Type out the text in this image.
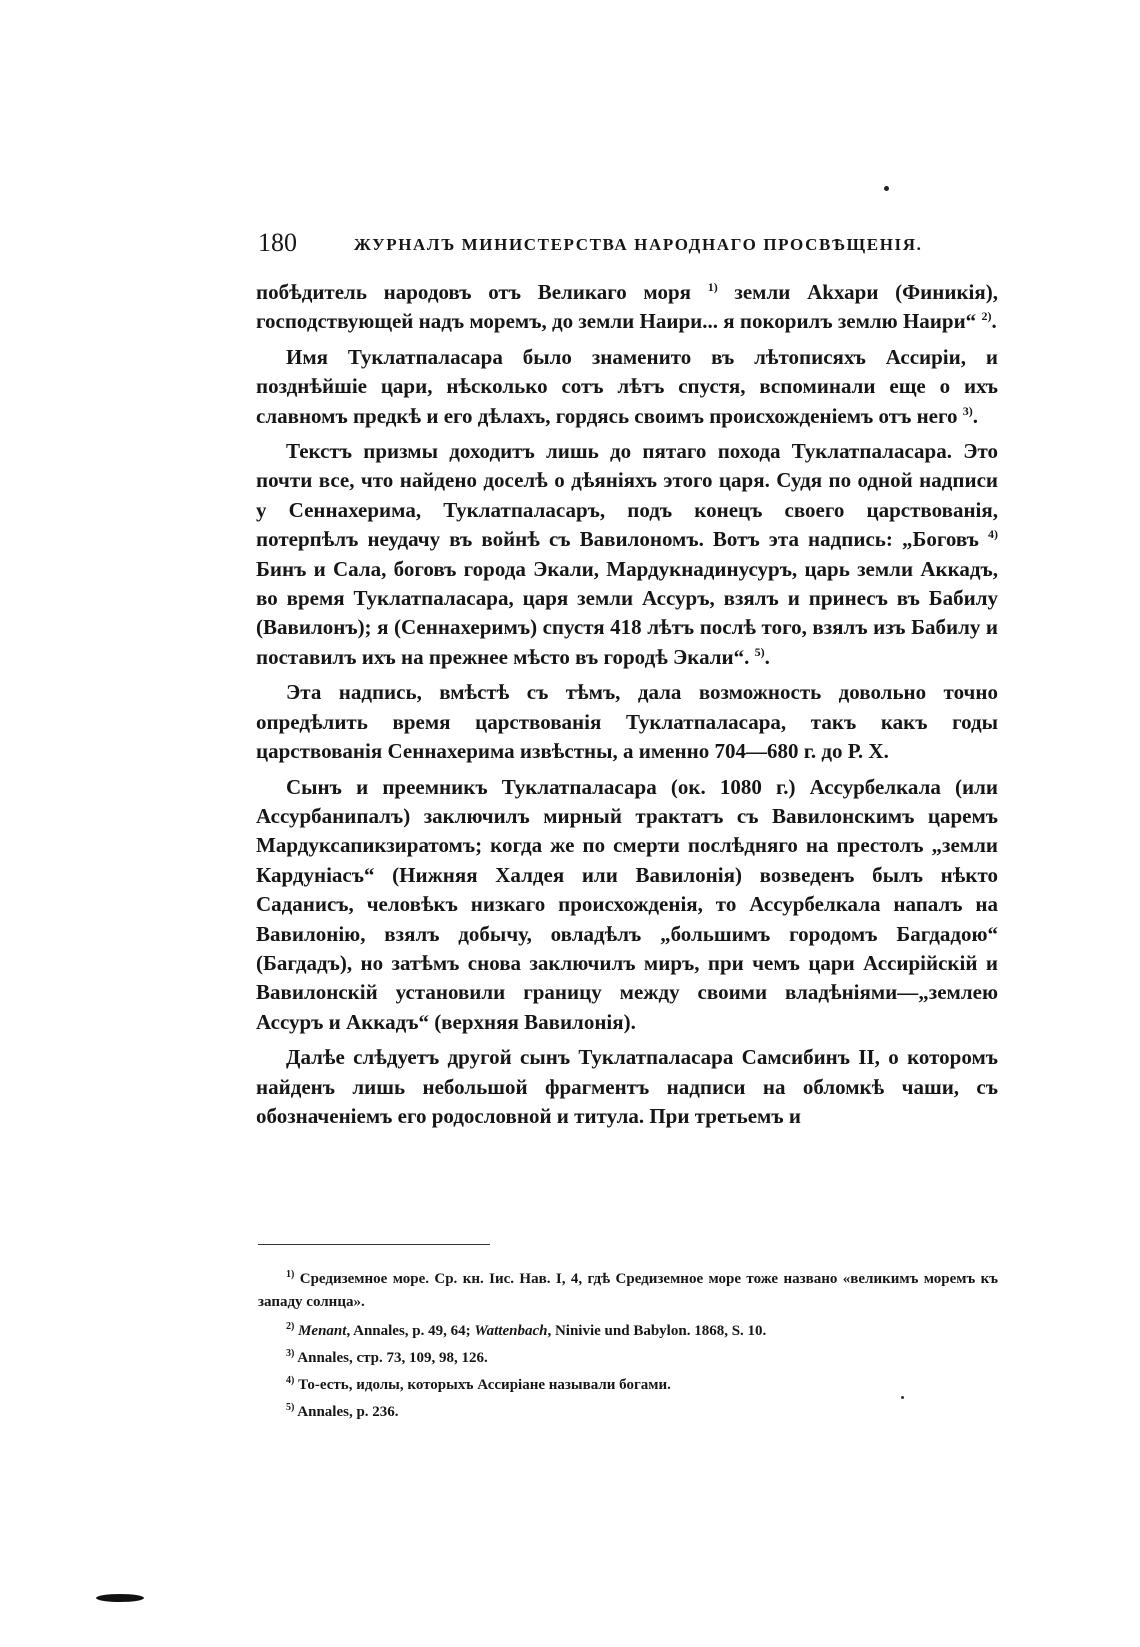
180	ЖУРНАЛЪ МИНИСТЕРСТВА НАРОДНАГО ПРОСВѢЩЕНІЯ.

побѣдитель народовъ отъ Великаго моря $^{1)}$ земли Akхари (Финикія), господствующей надъ моремъ, до земли Наири... я покорилъ землю Наири“ $^{2)}$.

Имя Туклатпаласара было знаменито въ лѣтописяхъ Ассиріи, и позднѣйшіе цари, нѣсколько сотъ лѣтъ спустя, вспоминали еще о ихъ славномъ предкѣ и его дѣлахъ, гордясь своимъ происхожденіемъ отъ него $^{3)}$.

Текстъ призмы доходитъ лишь до пятаго похода Туклатпаласара. Это почти все, что найдено доселѣ о дѣяніяхъ этого царя. Судя по одной надписи у Сеннахерима, Туклатпаласаръ, подъ конецъ своего царствованія, потерпѣлъ неудачу въ войнѣ съ Вавилономъ. Вотъ эта надпись: „Боговъ $^{4)}$ Бинъ и Сала, боговъ города Экали, Мардукнадинусуръ, царь земли Аккадъ, во время Туклатпаласара, царя земли Ассуръ, взялъ и принесъ въ Бабилу (Вавилонъ); я (Сеннахеримъ) спустя 418 лѣтъ послѣ того, взялъ изъ Бабилу и поставилъ ихъ на прежнее мѣсто въ городѣ Экали“. $^{5)}$.

Эта надпись, вмѣстѣ съ тѣмъ, дала возможность довольно точно опредѣлить время царствованія Туклатпаласара, такъ какъ годы царствованія Сеннахерима извѣстны, а именно 704—680 г. до Р. Х.

Сынъ и преемникъ Туклатпаласара (ок. 1080 г.) Ассурбелкала (или Ассурбанипалъ) заключилъ мирный трактатъ съ Вавилонскимъ царемъ Мардуксапикзиратомъ; когда же по смерти послѣдняго на престолъ „земли Кардуніасъ“ (Нижняя Халдея или Вавилонія) возведенъ былъ нѣкто Саданисъ, человѣкъ низкаго происхожденія, то Ассурбелкала напалъ на Вавилонію, взялъ добычу, овладѣлъ „большимъ городомъ Багдадою“ (Багдадъ), но затѣмъ снова заключилъ миръ, при чемъ цари Ассирійскій и Вавилонскій установили границу между своими владѣніями—„землею Ассуръ и Аккадъ“ (верхняя Вавилонія).

Далѣе слѣдуетъ другой сынъ Туклатпаласара Самсибинъ II, о которомъ найденъ лишь небольшой фрагментъ надписи на обломкѣ чаши, съ обозначеніемъ его родословной и титула. При третьемъ и

$^{1)}$ Средиземное море. Ср. кн. Іис. Нав. I, 4, гдѣ Средиземное море тоже названо «великимъ моремъ къ западу солнца».

$^{2)}$ Menant, Annales, p. 49, 64; Wattenbach, Ninivie und Babylon. 1868, S. 10.

$^{3)}$ Annales, стр. 73, 109, 98, 126.

$^{4)}$ То-есть, идолы, которыхъ Ассиріане называли богами.

$^{5)}$ Annales, p. 236.
